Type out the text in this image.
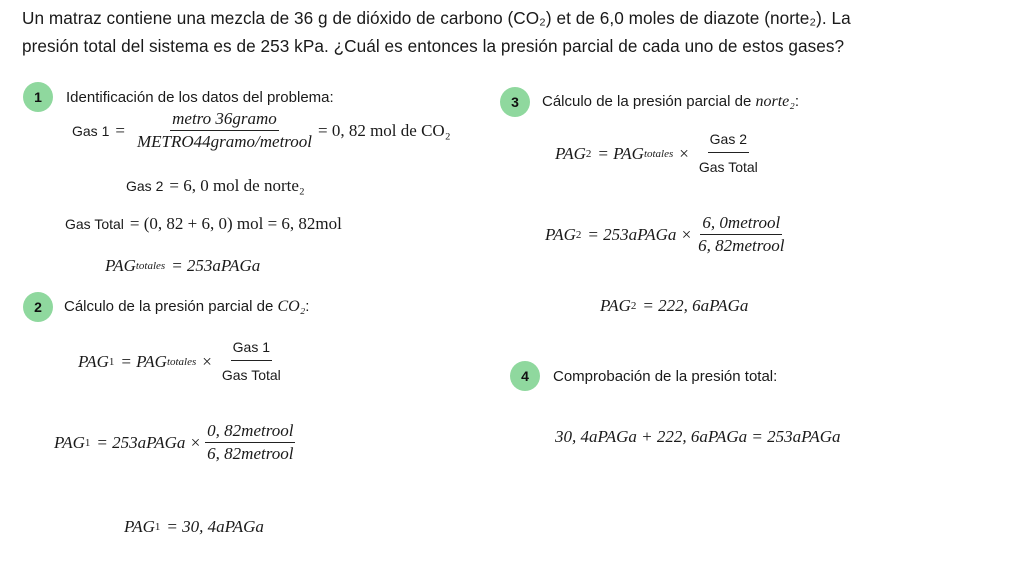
Un matraz contiene una mezcla de 36 g de dióxido de carbono (CO₂) et de 6,0 moles de diazote (norte₂). La
presión total del sistema es de 253 kPa. ¿Cuál es entonces la presión parcial de cada uno de estos gases?
1	Identificación de los datos del problema:
Gas $1 = \frac{\text{metro 36gramo}}{\text{METRO44gramo/metrool}} = 0$, 82 mol de CO₂
Gas 2 = 6, 0 mol de norte₂
Gas Total = (0, 82 + 6, 0) mol = 6, 82mol
PAG totales = 253aPAGa
2	Cálculo de la presión parcial de CO₂:
PAG 1 = PAG totales × $\frac{\text{Gas 1}}{\text{Gas Total}}$
PAG 1 = 253aPAGa × $\frac{\text{0, 82metrool}}{\text{6, 82metrool}}$
PAG 1 = 30, 4aPAGa
3	Cálculo de la presión parcial de norte₂:
PAG 2 = PAG totales × $\frac{\text{Gas 2}}{\text{Gas Total}}$
PAG 2 = 253aPAGa × $\frac{\text{6, 0metrool}}{\text{6, 82metrool}}$
PAG 2 = 222, 6aPAGa
4	Comprobación de la presión total:
30, 4aPAGa + 222, 6aPAGa = 253aPAGa
